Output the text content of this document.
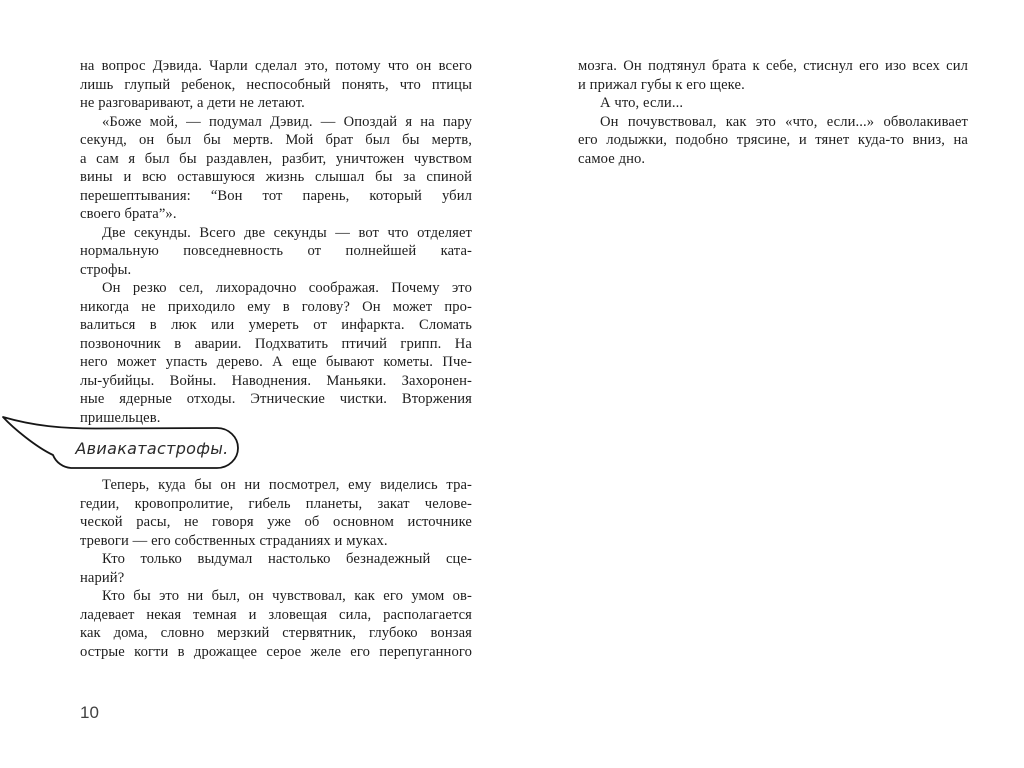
на вопрос Дэвида. Чарли сделал это, потому что он всего
лишь глупый ребенок, неспособный понять, что птицы
не разговаривают, а дети не летают.
«Боже мой, — подумал Дэвид. — Опоздай я на пару
секунд, он был бы мертв. Мой брат был бы мертв,
а сам я был бы раздавлен, разбит, уничтожен чувством
вины и всю оставшуюся жизнь слышал бы за спиной
перешептывания: “Вон тот парень, который убил
своего брата”».
Две секунды. Всего две секунды — вот что отделяет
нормальную повседневность от полнейшей ката-
строфы.
Он резко сел, лихорадочно соображая. Почему это
никогда не приходило ему в голову? Он может про-
валиться в люк или умереть от инфаркта. Сломать
позвоночник в аварии. Подхватить птичий грипп. На
него может упасть дерево. А еще бывают кометы. Пче-
лы-убийцы. Войны. Наводнения. Маньяки. Захоронен-
ные ядерные отходы. Этнические чистки. Вторжения
пришельцев.
Теперь, куда бы он ни посмотрел, ему виделись тра-
гедии, кровопролитие, гибель планеты, закат челове-
ческой расы, не говоря уже об основном источнике
тревоги — его собственных страданиях и муках.
Кто только выдумал настолько безнадежный сце-
нарий?
Кто бы это ни был, он чувствовал, как его умом ов-
ладевает некая темная и зловещая сила, располагается
как дома, словно мерзкий стервятник, глубоко вонзая
острые когти в дрожащее серое желе его перепуганного
мозга. Он подтянул брата к себе, стиснул его изо всех сил
и прижал губы к его щеке.
А что, если...
Он почувствовал, как это «что, если...» обволакивает
его лодыжки, подобно трясине, и тянет куда-то вниз, на
самое дно.
Авиакатастрофы.
10
